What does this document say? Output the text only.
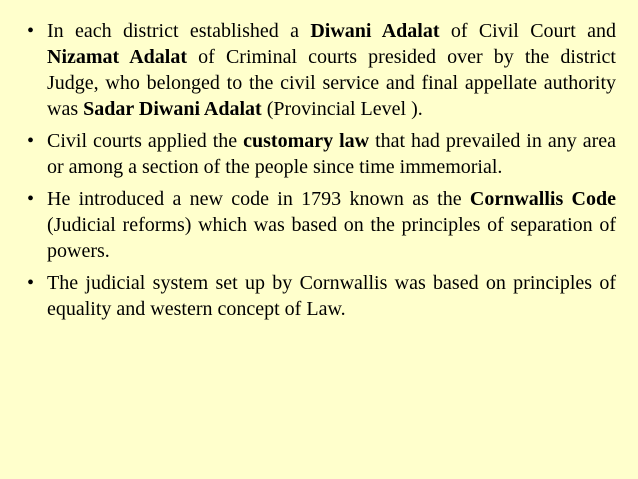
• In each district established a Diwani Adalat of Civil Court and Nizamat Adalat of Criminal courts presided over by the district Judge, who belonged to the civil service and final appellate authority was Sadar Diwani Adalat (Provincial Level ).
• Civil courts applied the customary law that had prevailed in any area or among a section of the people since time immemorial.
• He introduced a new code in 1793 known as the Cornwallis Code (Judicial reforms) which was based on the principles of separation of powers.
• The judicial system set up by Cornwallis was based on principles of equality and western concept of Law.
